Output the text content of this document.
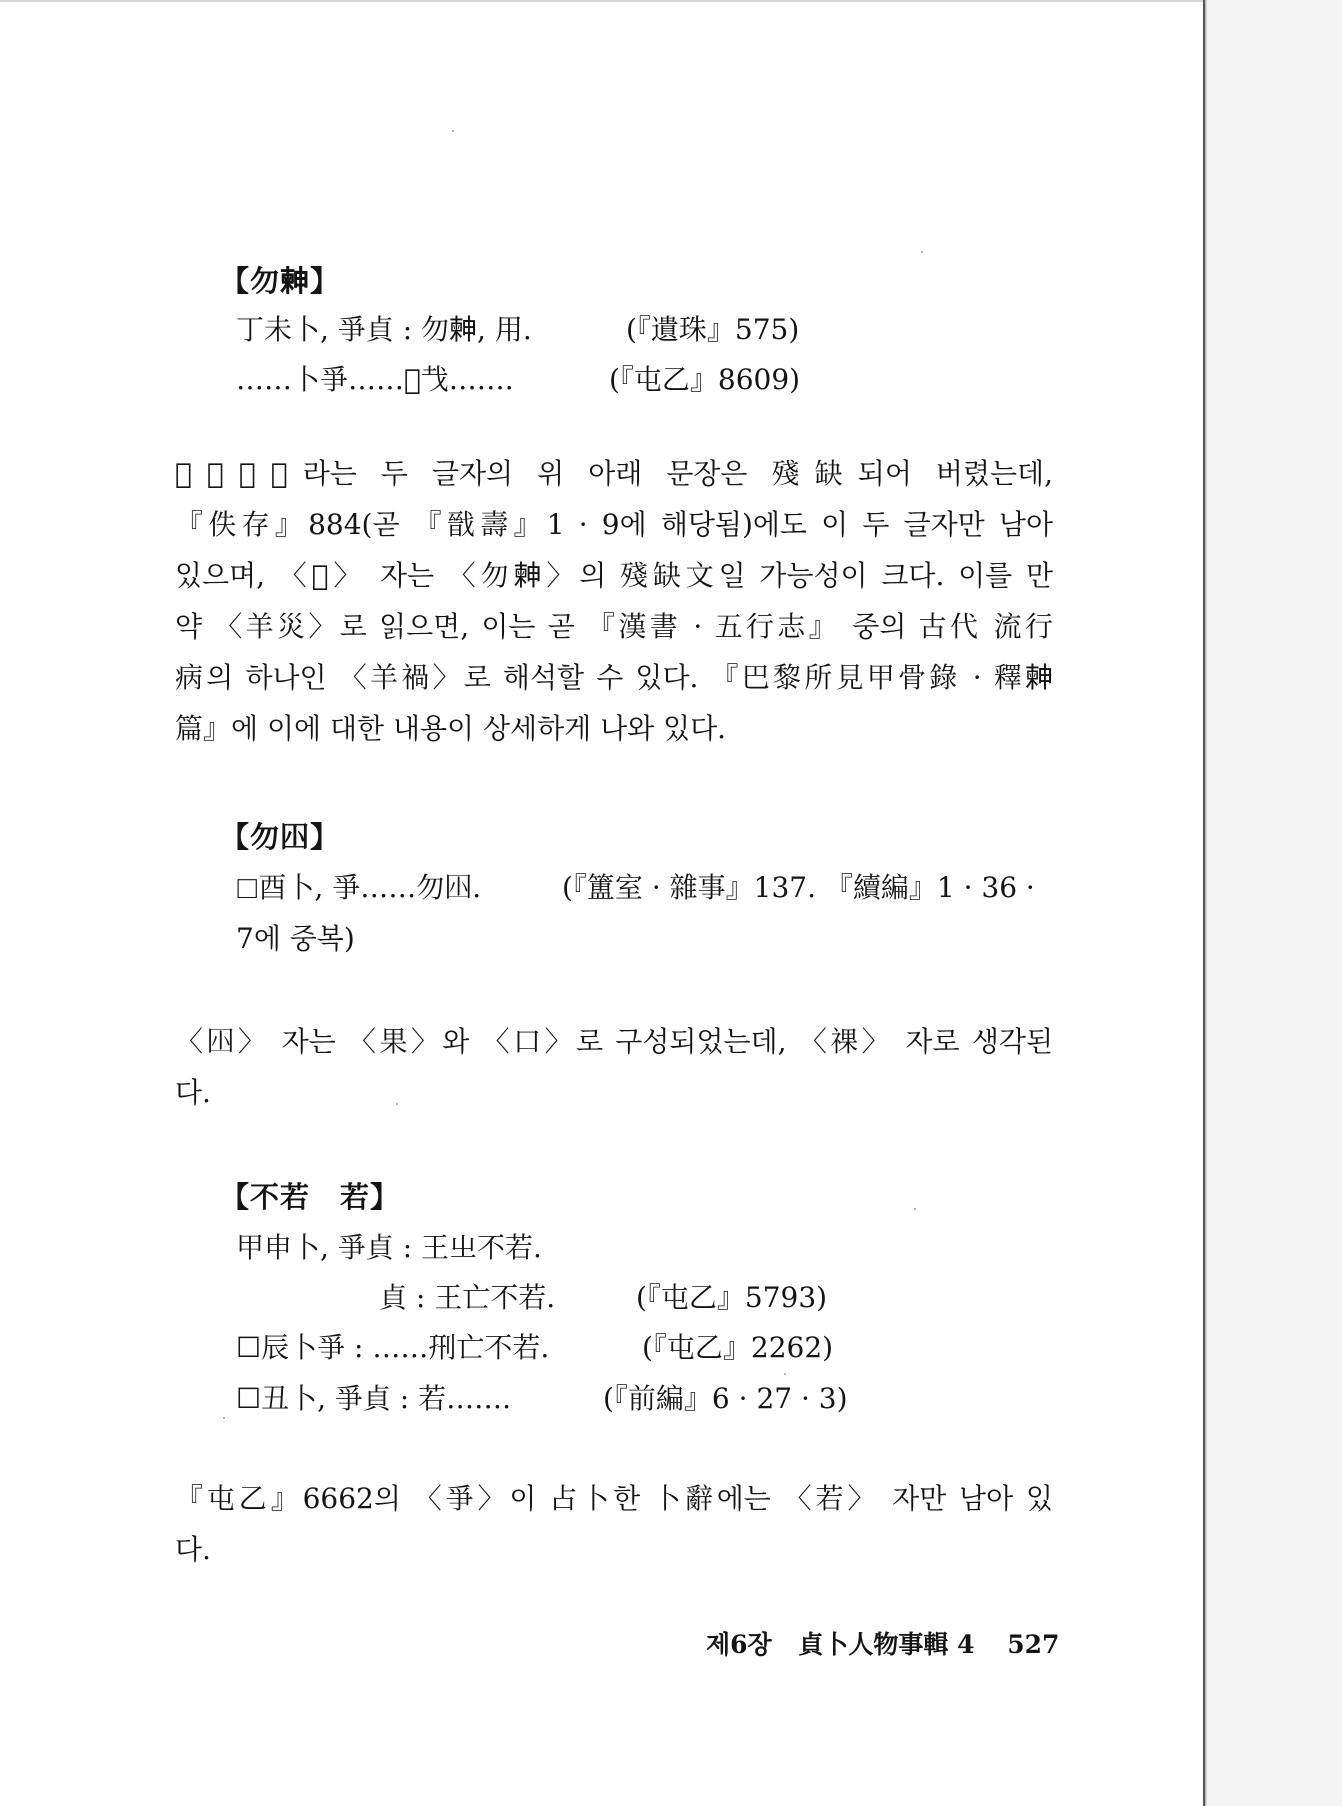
【勿𣍃】
丁未卜, 爭貞 : 勿𣍃, 用.	(『遺珠』575)
……卜爭……𦍙𢦏…….	(『屯乙』8609)
〈𦍙𢦏〉라는 두 글자의 위 아래 문장은 殘缺되어 버렸는데,
『佚存』884(곧 『戩壽』1 · 9에 해당됨)에도 이 두 글자만 남아
있으며, 〈𦍙〉 자는 〈勿𣍃〉의 殘缺文일 가능성이 크다. 이를 만
약 〈羊災〉로 읽으면, 이는 곧 『漢書 · 五行志』 중의 古代 流行
病의 하나인 〈羊禍〉로 해석할 수 있다. 『巴黎所見甲骨錄 · 釋𣍃
篇』에 이에 대한 내용이 상세하게 나와 있다.
【勿𡆧】
☐酉卜, 爭……勿𡆧.	(『簠室 · 雜事』137. 『續編』1 · 36 ·
7에 중복)
〈𡆧〉 자는 〈果〉와 〈口〉로 구성되었는데, 〈祼〉 자로 생각된
다.
【不若　若】
甲申卜, 爭貞 : 王㞢不若.
貞 : 王亡不若.	(『屯乙』5793)
☐辰卜爭 : ……𠛬亡不若.	(『屯乙』2262)
☐丑卜, 爭貞 : 若…….	(『前編』6 · 27 · 3)
『屯乙』6662의 〈爭〉이 占卜한 卜辭에는 〈若〉 자만 남아 있
다.
제6장 貞卜人物事輯 4 527
